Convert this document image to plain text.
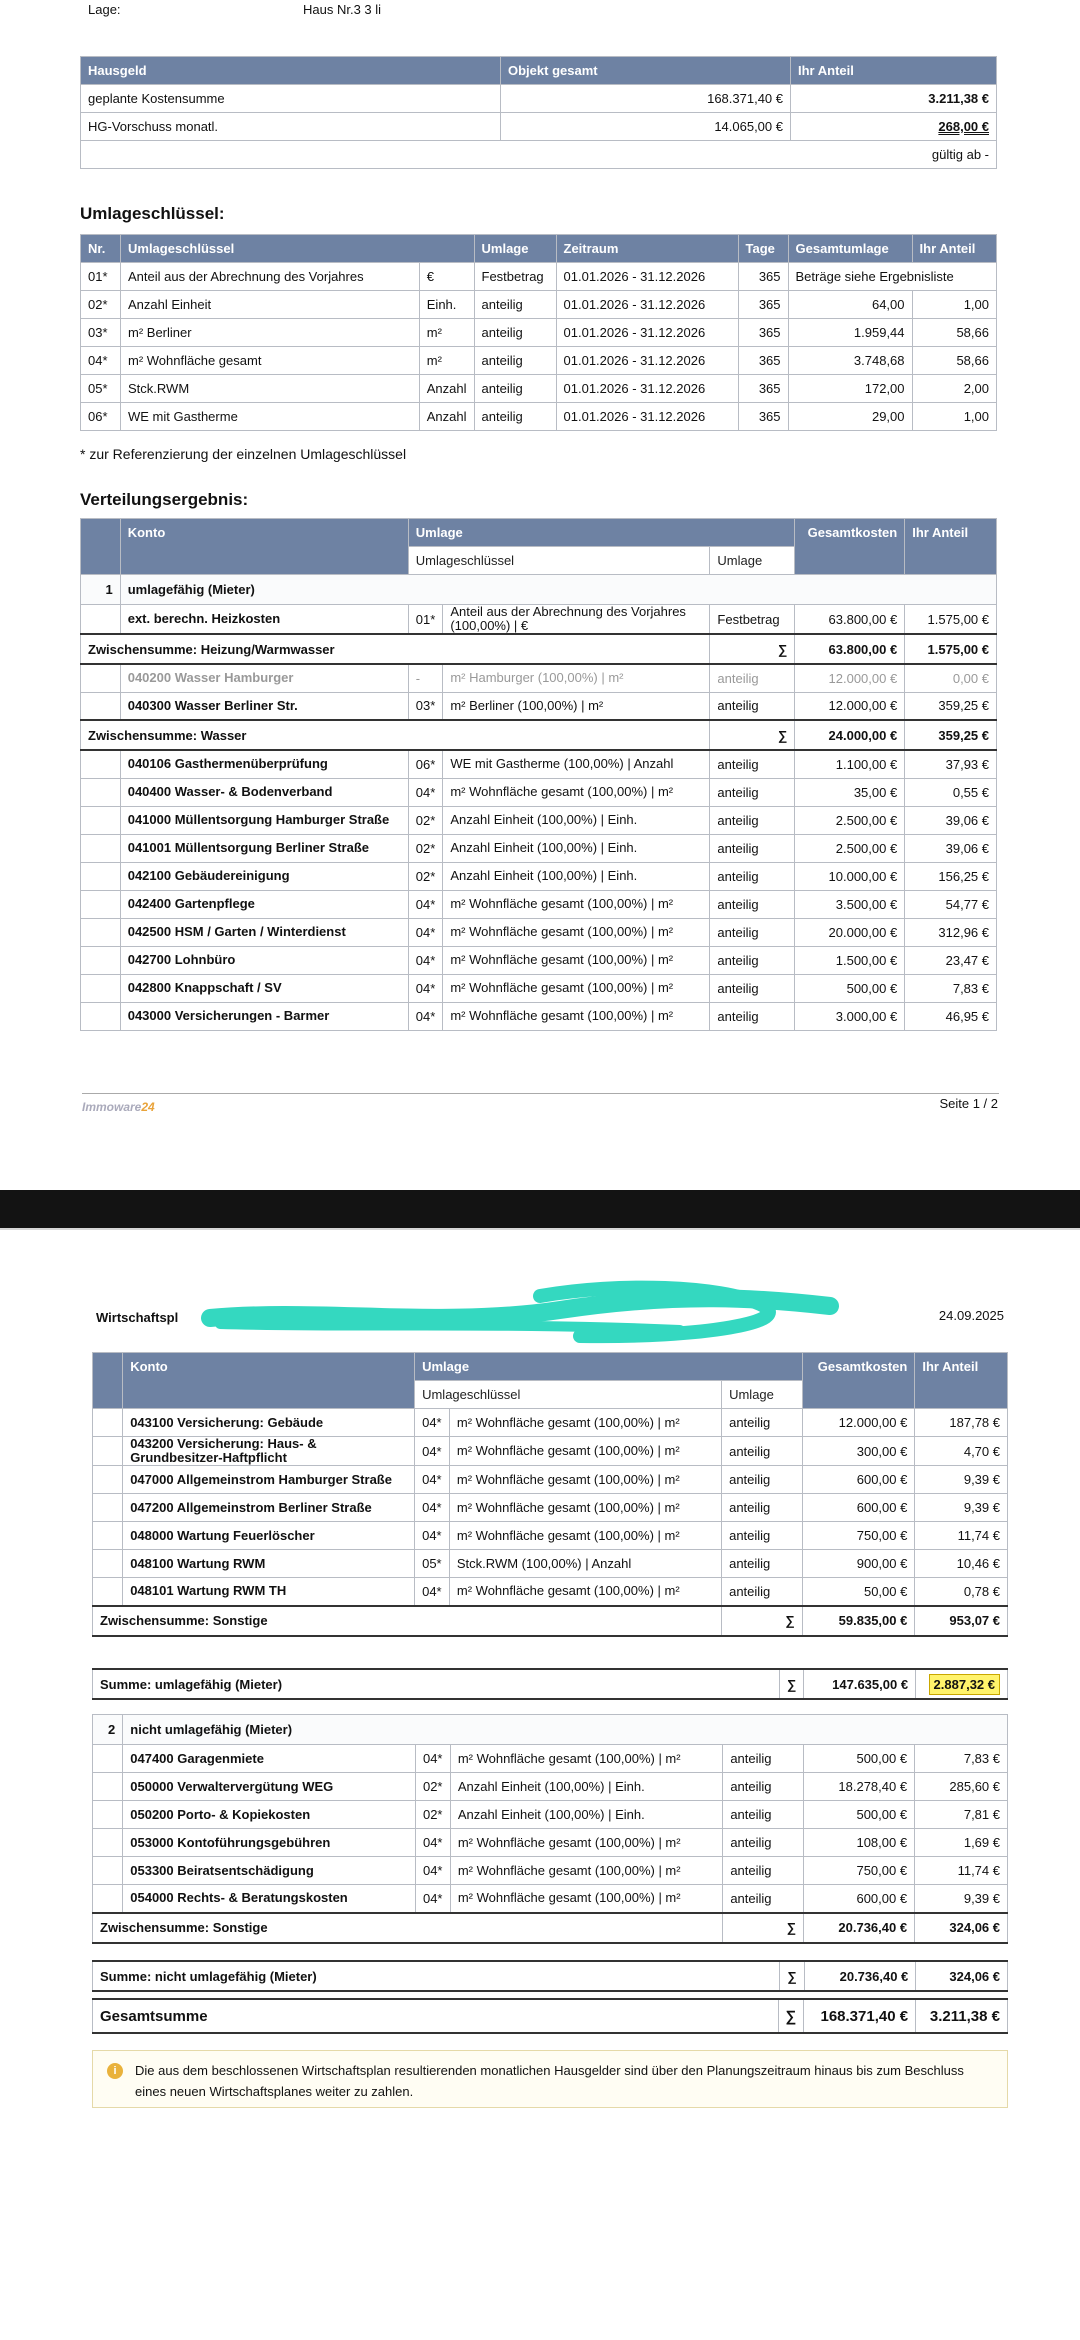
Lage:	Haus Nr.3 3 li
Hausgeld	Objekt gesamt	Ihr Anteil
geplante Kostensumme	168.371,40 €	3.211,38 €
HG-Vorschuss monatl.	14.065,00 €	268,00 €
gültig ab -		
Umlageschlüssel:
Nr.	Umlageschlüssel		Umlage	Zeitraum	Tage	Gesamtumlage	Ihr Anteil
01*	Anteil aus der Abrechnung des Vorjahres	€	Festbetrag	01.01.2026 - 31.12.2026	365	Beträge siehe Ergebnisliste	
02*	Anzahl Einheit	Einh.	anteilig	01.01.2026 - 31.12.2026	365	64,00	1,00
03*	m² Berliner	m²	anteilig	01.01.2026 - 31.12.2026	365	1.959,44	58,66
04*	m² Wohnfläche gesamt	m²	anteilig	01.01.2026 - 31.12.2026	365	3.748,68	58,66
05*	Stck.RWM	Anzahl	anteilig	01.01.2026 - 31.12.2026	365	172,00	2,00
06*	WE mit Gastherme	Anzahl	anteilig	01.01.2026 - 31.12.2026	365	29,00	1,00
* zur Referenzierung der einzelnen Umlageschlüssel
Verteilungsergebnis:
	Konto	Umlage			Gesamtkosten	Ihr Anteil
		Umlageschlüssel		Umlage		
1	umlagefähig (Mieter)					
	ext. berechn. Heizkosten	01*	Anteil aus der Abrechnung des Vorjahres (100,00%) | €	Festbetrag	63.800,00 €	1.575,00 €
Zwischensumme: Heizung/Warmwasser				∑	63.800,00 €	1.575,00 €
	040200 Wasser Hamburger	-	m² Hamburger (100,00%) | m²	anteilig	12.000,00 €	0,00 €
	040300 Wasser Berliner Str.	03*	m² Berliner (100,00%) | m²	anteilig	12.000,00 €	359,25 €
Zwischensumme: Wasser				∑	24.000,00 €	359,25 €
	040106 Gasthermenüberprüfung	06*	WE mit Gastherme (100,00%) | Anzahl	anteilig	1.100,00 €	37,93 €
	040400 Wasser- & Bodenverband	04*	m² Wohnfläche gesamt (100,00%) | m²	anteilig	35,00 €	0,55 €
	041000 Müllentsorgung Hamburger Straße	02*	Anzahl Einheit (100,00%) | Einh.	anteilig	2.500,00 €	39,06 €
	041001 Müllentsorgung Berliner Straße	02*	Anzahl Einheit (100,00%) | Einh.	anteilig	2.500,00 €	39,06 €
	042100 Gebäudereinigung	02*	Anzahl Einheit (100,00%) | Einh.	anteilig	10.000,00 €	156,25 €
	042400 Gartenpflege	04*	m² Wohnfläche gesamt (100,00%) | m²	anteilig	3.500,00 €	54,77 €
	042500 HSM / Garten / Winterdienst	04*	m² Wohnfläche gesamt (100,00%) | m²	anteilig	20.000,00 €	312,96 €
	042700 Lohnbüro	04*	m² Wohnfläche gesamt (100,00%) | m²	anteilig	1.500,00 €	23,47 €
	042800 Knappschaft / SV	04*	m² Wohnfläche gesamt (100,00%) | m²	anteilig	500,00 €	7,83 €
	043000 Versicherungen - Barmer	04*	m² Wohnfläche gesamt (100,00%) | m²	anteilig	3.000,00 €	46,95 €
Immoware24	Seite 1 / 2
Wirtschaftspl	24.09.2025
	Konto	Umlage			Gesamtkosten	Ihr Anteil
		Umlageschlüssel		Umlage		
	043100 Versicherung: Gebäude	04*	m² Wohnfläche gesamt (100,00%) | m²	anteilig	12.000,00 €	187,78 €
	043200 Versicherung: Haus- & Grundbesitzer-Haftpflicht	04*	m² Wohnfläche gesamt (100,00%) | m²	anteilig	300,00 €	4,70 €
	047000 Allgemeinstrom Hamburger Straße	04*	m² Wohnfläche gesamt (100,00%) | m²	anteilig	600,00 €	9,39 €
	047200 Allgemeinstrom Berliner Straße	04*	m² Wohnfläche gesamt (100,00%) | m²	anteilig	600,00 €	9,39 €
	048000 Wartung Feuerlöscher	04*	m² Wohnfläche gesamt (100,00%) | m²	anteilig	750,00 €	11,74 €
	048100 Wartung RWM	05*	Stck.RWM (100,00%) | Anzahl	anteilig	900,00 €	10,46 €
	048101 Wartung RWM TH	04*	m² Wohnfläche gesamt (100,00%) | m²	anteilig	50,00 €	0,78 €
Zwischensumme: Sonstige				∑	59.835,00 €	953,07 €
Summe: umlagefähig (Mieter)	∑	147.635,00 €	2.887,32 €
2	nicht umlagefähig (Mieter)					
	047400 Garagenmiete	04*	m² Wohnfläche gesamt (100,00%) | m²	anteilig	500,00 €	7,83 €
	050000 Verwaltervergütung WEG	02*	Anzahl Einheit (100,00%) | Einh.	anteilig	18.278,40 €	285,60 €
	050200 Porto- & Kopiekosten	02*	Anzahl Einheit (100,00%) | Einh.	anteilig	500,00 €	7,81 €
	053000 Kontoführungsgebühren	04*	m² Wohnfläche gesamt (100,00%) | m²	anteilig	108,00 €	1,69 €
	053300 Beiratsentschädigung	04*	m² Wohnfläche gesamt (100,00%) | m²	anteilig	750,00 €	11,74 €
	054000 Rechts- & Beratungskosten	04*	m² Wohnfläche gesamt (100,00%) | m²	anteilig	600,00 €	9,39 €
Zwischensumme: Sonstige				∑	20.736,40 €	324,06 €
Summe: nicht umlagefähig (Mieter)	∑	20.736,40 €	324,06 €
Gesamtsumme	∑	168.371,40 €	3.211,38 €
i	Die aus dem beschlossenen Wirtschaftsplan resultierenden monatlichen Hausgelder sind über den Planungszeitraum hinaus bis zum Beschluss eines neuen Wirtschaftsplanes weiter zu zahlen.
